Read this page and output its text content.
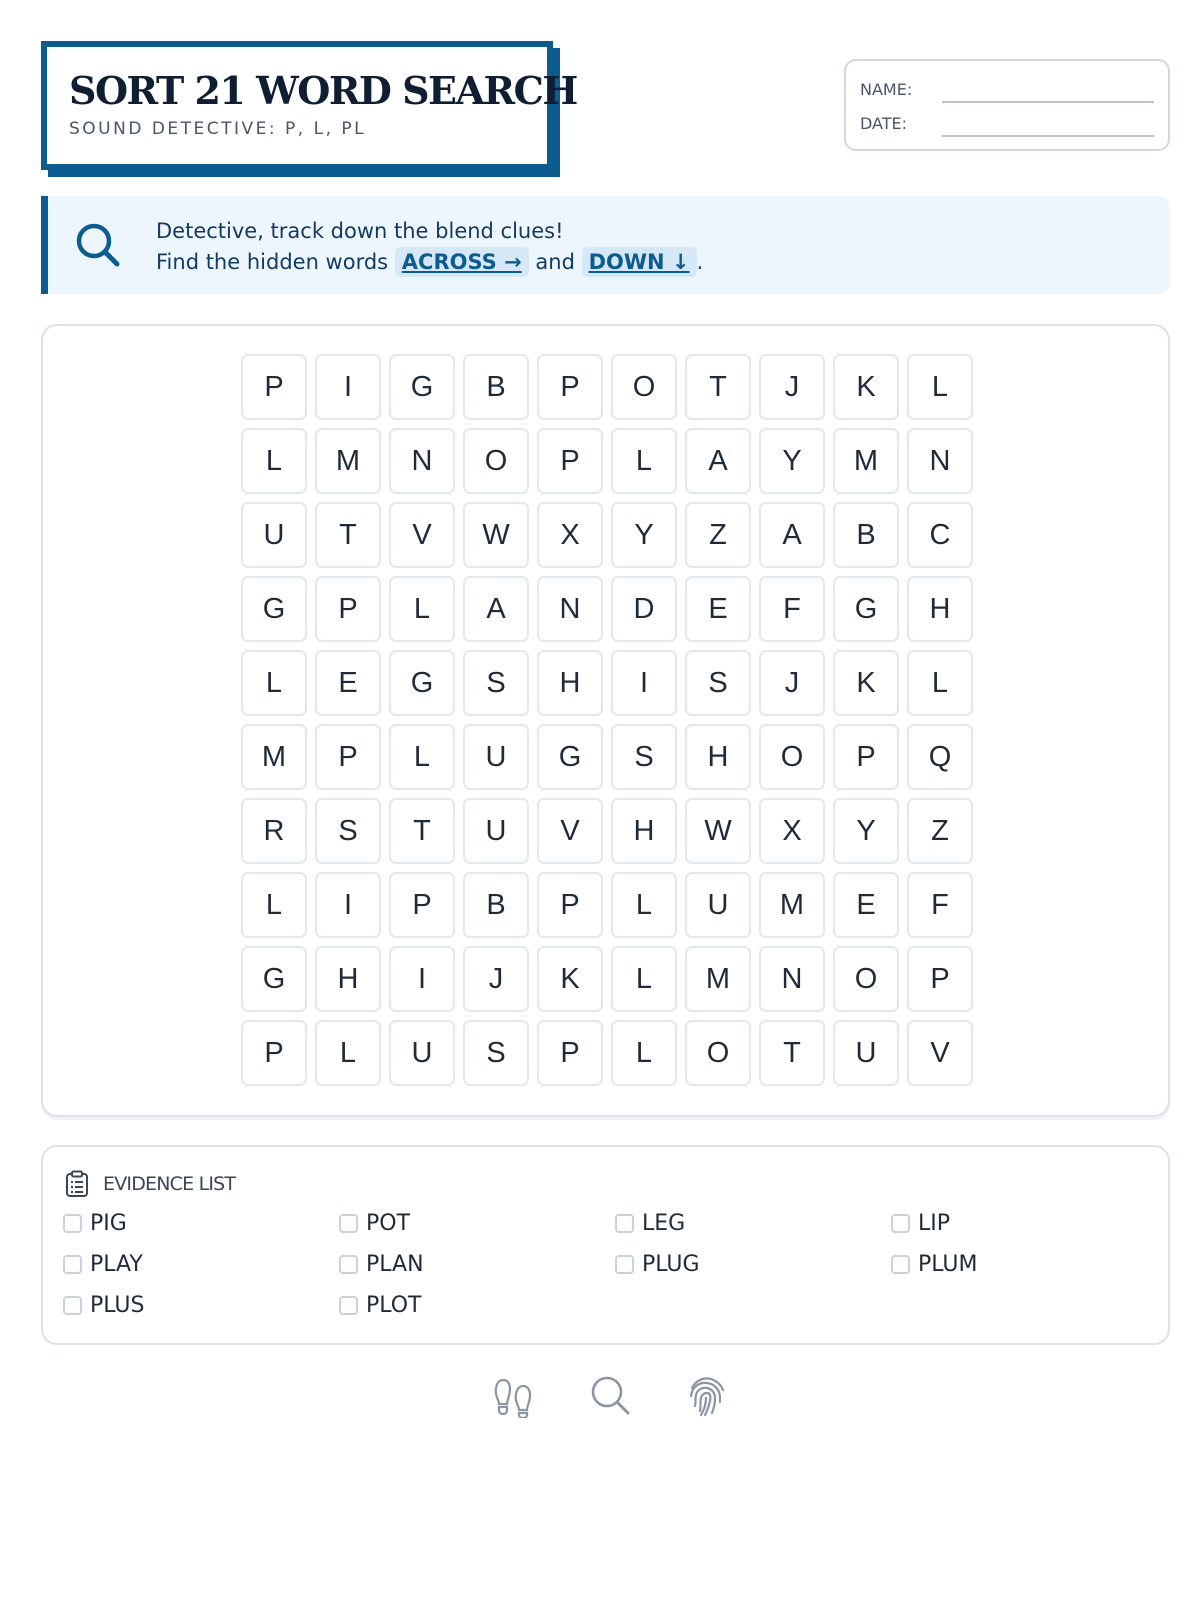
SORT 21 WORD SEARCH
SOUND DETECTIVE: P, L, PL
NAME:
DATE:
Detective, track down the blend clues!
Find the hidden words ACROSS → and DOWN ↓ .
P	I	G	B	P	O	T	J	K	L
L	M	N	O	P	L	A	Y	M	N
U	T	V	W	X	Y	Z	A	B	C
G	P	L	A	N	D	E	F	G	H
L	E	G	S	H	I	S	J	K	L
M	P	L	U	G	S	H	O	P	Q
R	S	T	U	V	H	W	X	Y	Z
L	I	P	B	P	L	U	M	E	F
G	H	I	J	K	L	M	N	O	P
P	L	U	S	P	L	O	T	U	V
EVIDENCE LIST
PIG	POT	LEG	LIP
PLAY	PLAN	PLUG	PLUM
PLUS	PLOT
